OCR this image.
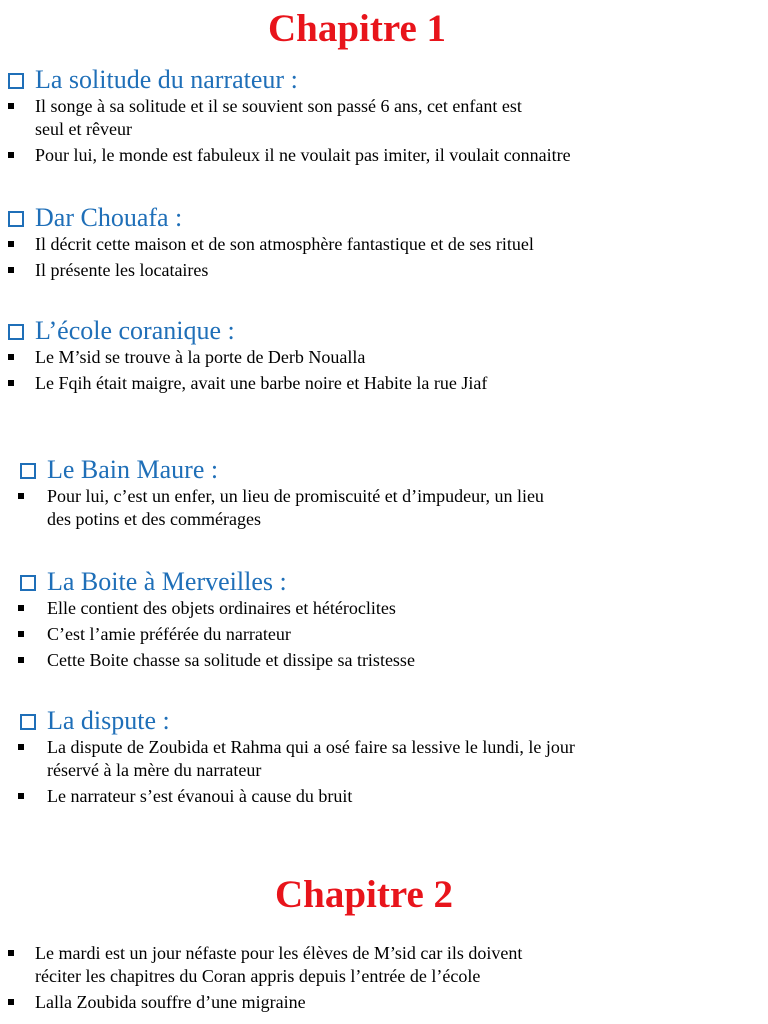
Chapitre 1
La solitude du narrateur :
Il songe à sa solitude et il se souvient son passé 6 ans, cet enfant est
seul et rêveur
Pour lui, le monde est fabuleux il ne voulait pas imiter, il voulait connaitre
Dar Chouafa :
Il décrit cette maison et de son atmosphère fantastique et de ses rituel
Il présente les locataires
L’école coranique :
Le M’sid se trouve à la porte de Derb Noualla
Le Fqih était maigre, avait une barbe noire et Habite la rue Jiaf
Le Bain Maure :
Pour lui, c’est un enfer, un lieu de promiscuité et d’impudeur, un lieu
des potins et des commérages
La Boite à Merveilles :
Elle contient des objets ordinaires et hétéroclites
C’est l’amie préférée du narrateur
Cette Boite chasse sa solitude et dissipe sa tristesse
La dispute :
La dispute de Zoubida et Rahma qui a osé faire sa lessive le lundi, le jour
réservé à la mère du narrateur
Le narrateur s’est évanoui à cause du bruit
Chapitre 2
Le mardi est un jour néfaste pour les élèves de M’sid car ils doivent
réciter les chapitres du Coran appris depuis l’entrée de l’école
Lalla Zoubida souffre d’une migraine
